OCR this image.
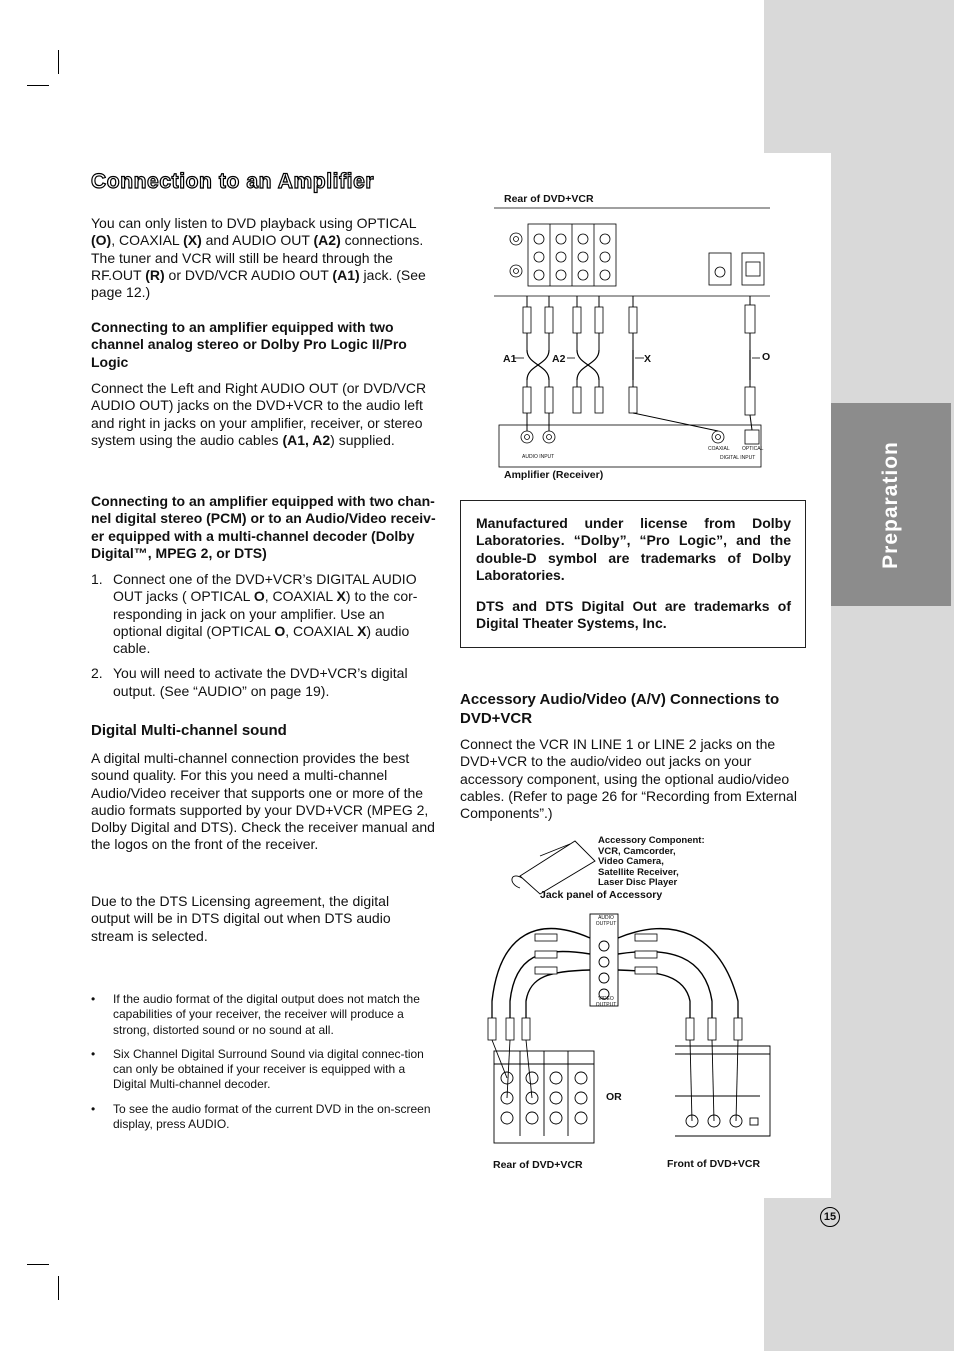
Preparation
Connection to an Amplifier
You can only listen to DVD playback using OPTICAL (O), COAXIAL (X) and AUDIO OUT (A2) connections. The tuner and VCR will still be heard through the RF.OUT (R) or DVD/VCR AUDIO OUT (A1) jack. (See page 12.)
Connecting to an amplifier equipped with two channel analog stereo or Dolby Pro Logic II/Pro Logic
Connect the Left and Right AUDIO OUT (or DVD/VCR AUDIO OUT) jacks on the DVD+VCR to the audio left and right in jacks on your amplifier, receiver, or stereo system using the audio cables (A1, A2) supplied.
Connecting to an amplifier equipped with two chan-nel digital stereo (PCM) or to an Audio/Video receiv-er equipped with a multi-channel decoder (Dolby Digital™, MPEG 2, or DTS)
1. Connect one of the DVD+VCR’s DIGITAL AUDIO OUT jacks ( OPTICAL O, COAXIAL X) to the cor-responding in jack on your amplifier. Use an optional digital (OPTICAL O, COAXIAL X) audio cable.
2. You will need to activate the DVD+VCR’s digital output. (See “AUDIO” on page 19).
Digital Multi-channel sound
A digital multi-channel connection provides the best sound quality. For this you need a multi-channel Audio/Video receiver that supports one or more of the audio formats supported by your DVD+VCR (MPEG 2, Dolby Digital and DTS). Check the receiver manual and the logos on the front of the receiver.
Due to the DTS Licensing agreement, the digital output will be in DTS digital out when DTS audio stream is selected.
• If the audio format of the digital output does not match the capabilities of your receiver, the receiver will produce a strong, distorted sound or no sound at all.
• Six Channel Digital Surround Sound via digital connec-tion can only be obtained if your receiver is equipped with a Digital Multi-channel decoder.
• To see the audio format of the current DVD in the on-screen display, press AUDIO.
Rear of DVD+VCR
A1	A2	X	O
AUDIO INPUT
COAXIAL OPTICAL
DIGITAL INPUT
Amplifier (Receiver)

Manufactured under license from Dolby Laboratories. “Dolby”, “Pro Logic”, and the double-D symbol are trademarks of Dolby Laboratories.

DTS and DTS Digital Out are trademarks of Digital Theater Systems, Inc.

Accessory Audio/Video (A/V) Connections to DVD+VCR
Connect the VCR IN LINE 1 or LINE 2 jacks on the DVD+VCR to the audio/video out jacks on your accessory component, using the optional audio/video cables. (Refer to page 26 for “Recording from External Components”.)
Accessory Component:
VCR, Camcorder,
Video Camera,
Satellite Receiver,
Laser Disc Player
Jack panel of Accessory
AUDIO OUTPUT
VIDEO OUTPUT
OR
Rear of DVD+VCR	Front of DVD+VCR
15
